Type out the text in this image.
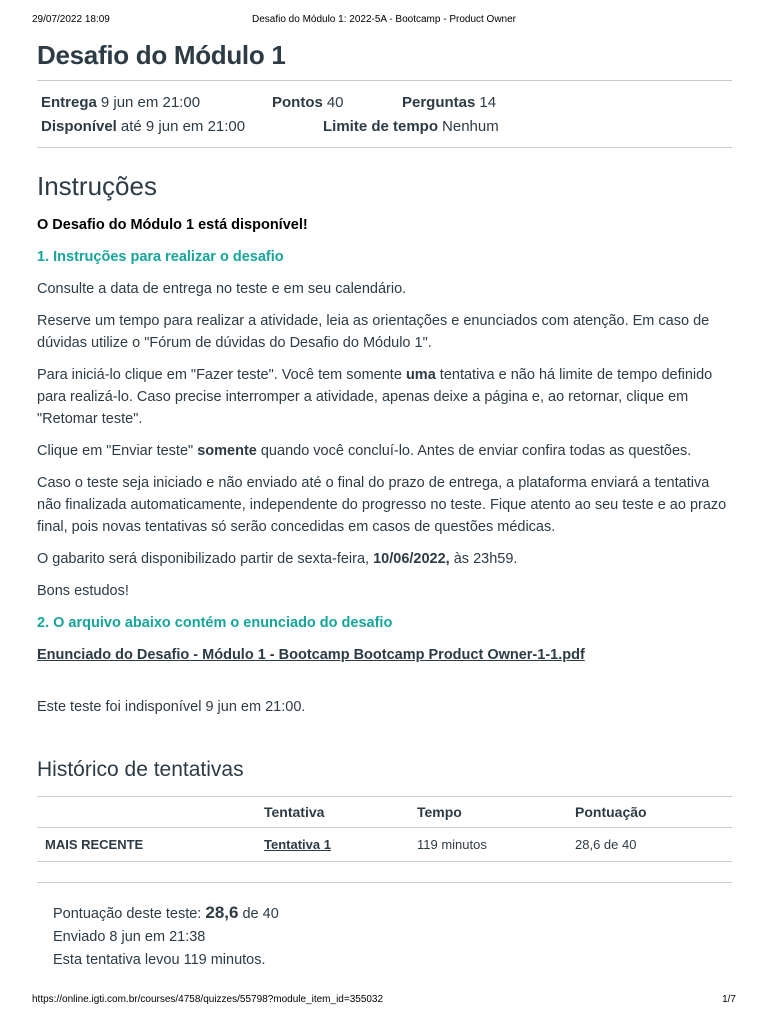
29/07/2022 18:09	Desafio do Módulo 1: 2022-5A - Bootcamp - Product Owner
Desafio do Módulo 1
Entrega 9 jun em 21:00	Pontos 40	Perguntas 14
Disponível até 9 jun em 21:00	Limite de tempo Nenhum
Instruções

O Desafio do Módulo 1 está disponível!

1. Instruções para realizar o desafio

Consulte a data de entrega no teste e em seu calendário.

Reserve um tempo para realizar a atividade, leia as orientações e enunciados com atenção. Em caso de dúvidas utilize o "Fórum de dúvidas do Desafio do Módulo 1".

Para iniciá-lo clique em "Fazer teste". Você tem somente uma tentativa e não há limite de tempo definido para realizá-lo. Caso precise interromper a atividade, apenas deixe a página e, ao retornar, clique em "Retomar teste".

Clique em "Enviar teste" somente quando você concluí-lo. Antes de enviar confira todas as questões.

Caso o teste seja iniciado e não enviado até o final do prazo de entrega, a plataforma enviará a tentativa não finalizada automaticamente, independente do progresso no teste. Fique atento ao seu teste e ao prazo final, pois novas tentativas só serão concedidas em casos de questões médicas.

O gabarito será disponibilizado partir de sexta-feira, 10/06/2022, às 23h59.

Bons estudos!

2. O arquivo abaixo contém o enunciado do desafio

Enunciado do Desafio - Módulo 1 - Bootcamp Bootcamp Product Owner-1-1.pdf

Este teste foi indisponível 9 jun em 21:00.

Histórico de tentativas
	Tentativa	Tempo	Pontuação
MAIS RECENTE	Tentativa 1	119 minutos	28,6 de 40
Pontuação deste teste: 28,6 de 40
Enviado 8 jun em 21:38
Esta tentativa levou 119 minutos.
https://online.igti.com.br/courses/4758/quizzes/55798?module_item_id=355032	1/7
